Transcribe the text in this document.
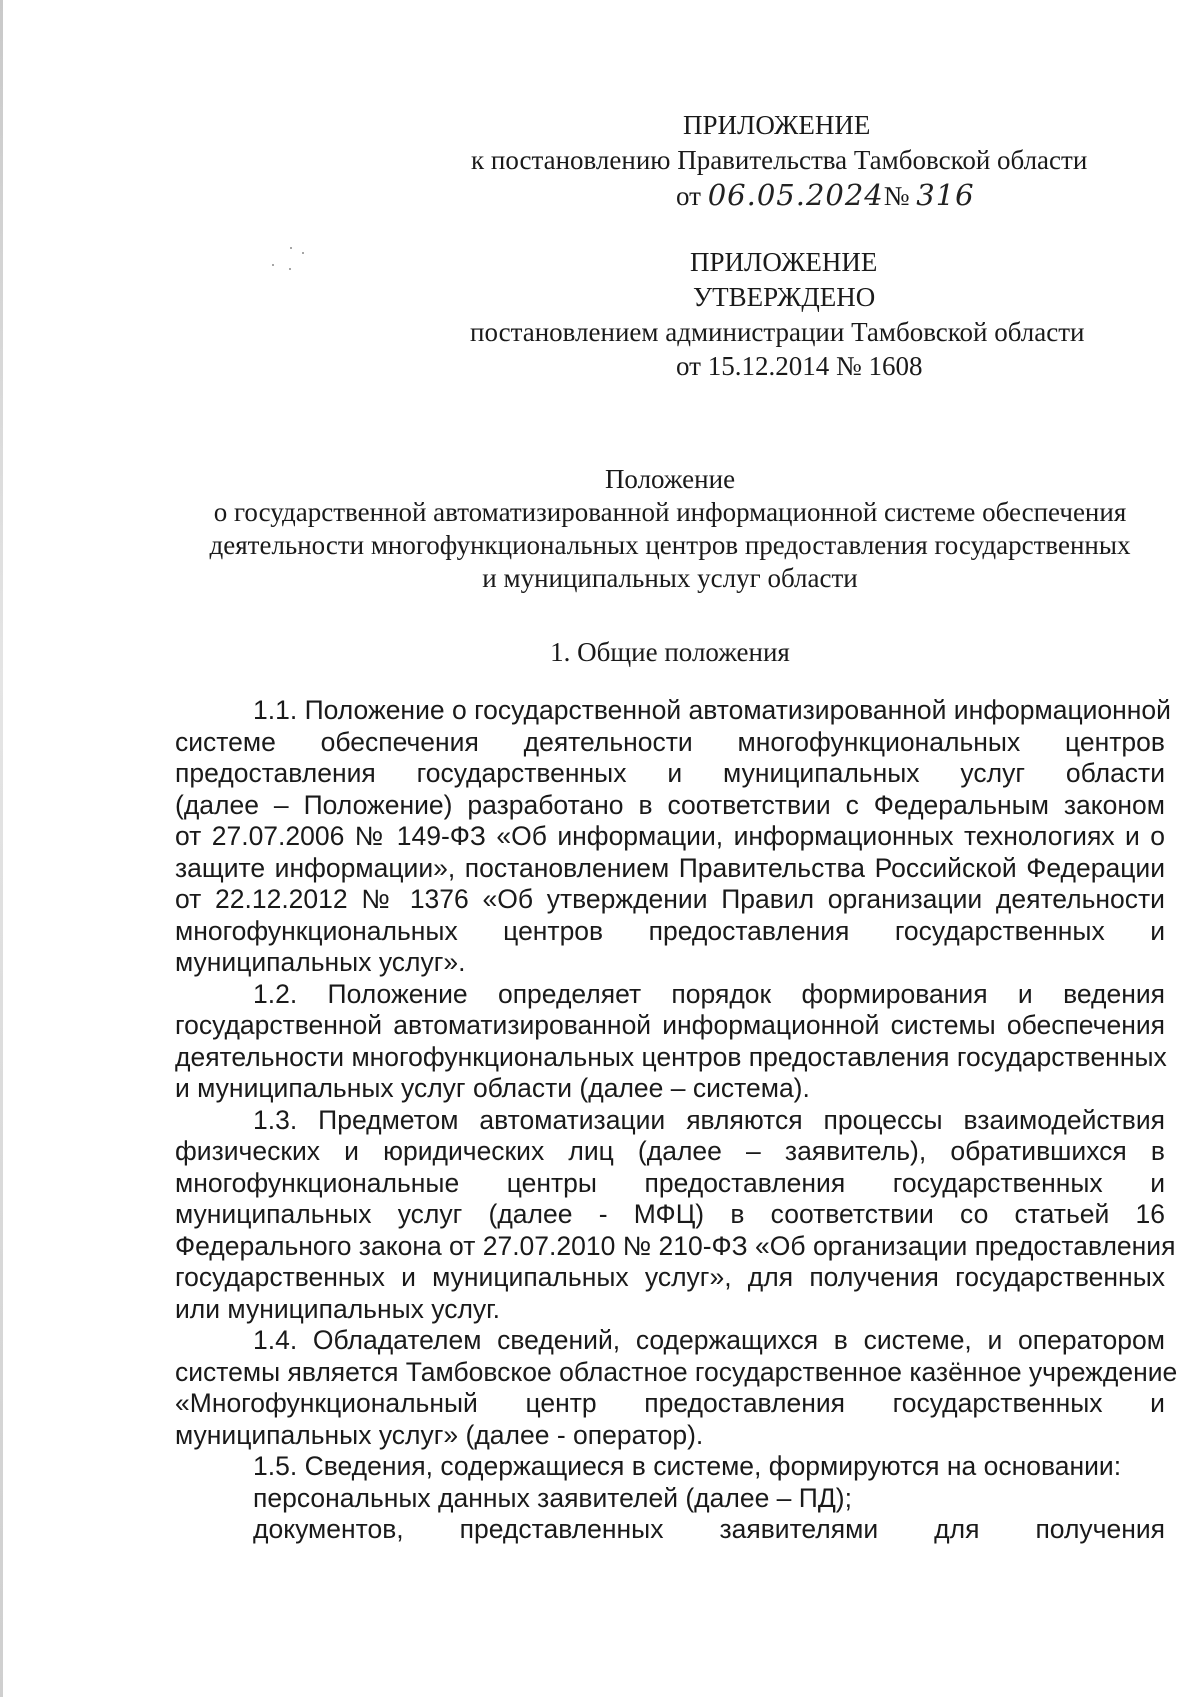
ПРИЛОЖЕНИЕ
к постановлению Правительства Тамбовской области
от 06.05.2024№ 316
ПРИЛОЖЕНИЕ
УТВЕРЖДЕНО
постановлением администрации Тамбовской области
от 15.12.2014 № 1608
Положение
о государственной автоматизированной информационной системе обеспечения
деятельности многофункциональных центров предоставления государственных
и муниципальных услуг области
1. Общие положения
1.1. Положение о государственной автоматизированной информационной
системе обеспечения деятельности многофункциональных центров
предоставления государственных и муниципальных услуг области
(далее – Положение) разработано в соответствии с Федеральным законом
от 27.07.2006 № 149-ФЗ «Об информации, информационных технологиях и о
защите информации», постановлением Правительства Российской Федерации
от 22.12.2012 № 1376 «Об утверждении Правил организации деятельности
многофункциональных центров предоставления государственных и
муниципальных услуг».
1.2. Положение определяет порядок формирования и ведения
государственной автоматизированной информационной системы обеспечения
деятельности многофункциональных центров предоставления государственных
и муниципальных услуг области (далее – система).
1.3. Предметом автоматизации являются процессы взаимодействия
физических и юридических лиц (далее – заявитель), обратившихся в
многофункциональные центры предоставления государственных и
муниципальных услуг (далее - МФЦ) в соответствии со статьей 16
Федерального закона от 27.07.2010 № 210-ФЗ «Об организации предоставления
государственных и муниципальных услуг», для получения государственных
или муниципальных услуг.
1.4. Обладателем сведений, содержащихся в системе, и оператором
системы является Тамбовское областное государственное казённое учреждение
«Многофункциональный центр предоставления государственных и
муниципальных услуг» (далее - оператор).
1.5. Сведения, содержащиеся в системе, формируются на основании:
персональных данных заявителей (далее – ПД);
документов, представленных заявителями для получения
